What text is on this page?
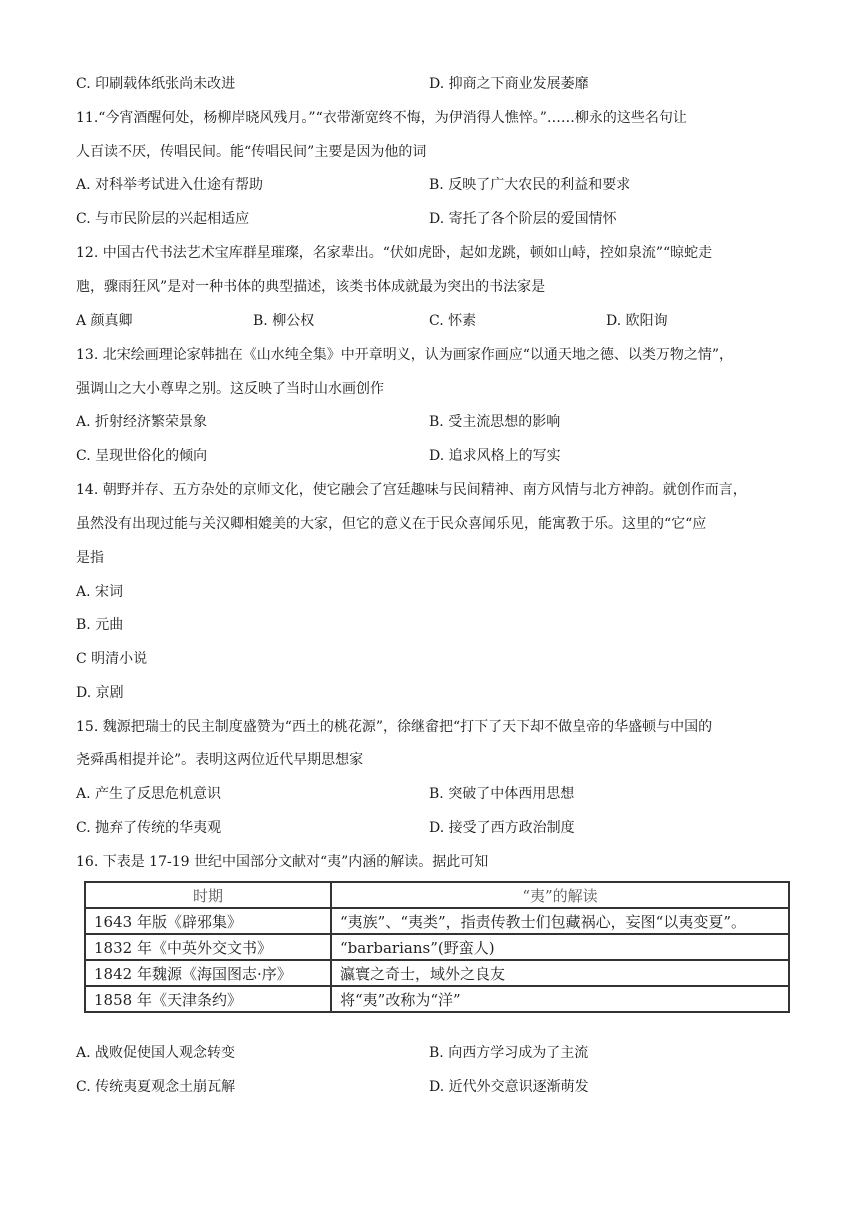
C. 印刷载体纸张尚未改进	D. 抑商之下商业发展萎靡
11.“今宵酒醒何处，杨柳岸晓风残月。”“衣带渐宽终不悔，为伊消得人憔悴。”……柳永的这些名句让
人百读不厌，传唱民间。能“传唱民间”主要是因为他的词
A. 对科举考试进入仕途有帮助	B. 反映了广大农民的利益和要求
C. 与市民阶层的兴起相适应	D. 寄托了各个阶层的爱国情怀
12. 中国古代书法艺术宝库群星璀璨，名家辈出。“伏如虎卧，起如龙跳，顿如山峙，控如泉流”“晾蛇走
虺，骤雨狂风”是对一种书体的典型描述，该类书体成就最为突出的书法家是
A 颜真卿	B. 柳公权	C. 怀素	D. 欧阳询
13. 北宋绘画理论家韩拙在《山水纯全集》中开章明义，认为画家作画应“以通天地之德、以类万物之情”，
强调山之大小尊卑之别。这反映了当时山水画创作
A. 折射经济繁荣景象	B. 受主流思想的影响
C. 呈现世俗化的倾向	D. 追求风格上的写实
14. 朝野并存、五方杂处的京师文化，使它融会了宫廷趣味与民间精神、南方风情与北方神韵。就创作而言，
虽然没有出现过能与关汉卿相媲美的大家，但它的意义在于民众喜闻乐见，能寓教于乐。这里的“它“应
是指
A. 宋词
B. 元曲
C 明清小说
D. 京剧
15. 魏源把瑞士的民主制度盛赞为“西土的桃花源”，徐继畲把“打下了天下却不做皇帝的华盛顿与中国的
尧舜禹相提并论”。表明这两位近代早期思想家
A. 产生了反思危机意识	B. 突破了中体西用思想
C. 抛弃了传统的华夷观	D. 接受了西方政治制度
16. 下表是 17-19 世纪中国部分文献对“夷”内涵的解读。据此可知
时期	“夷”的解读
1643 年版《辟邪集》	“夷族”、“夷类”，指责传教士们包藏祸心，妄图“以夷变夏”。
1832 年《中英外交文书》	“barbarians”(野蛮人)
1842 年魏源《海国图志·序》	瀛寰之奇士，域外之良友
1858 年《天津条约》	将“夷”改称为“洋”
A. 战败促使国人观念转变	B. 向西方学习成为了主流
C. 传统夷夏观念土崩瓦解	D. 近代外交意识逐渐萌发
